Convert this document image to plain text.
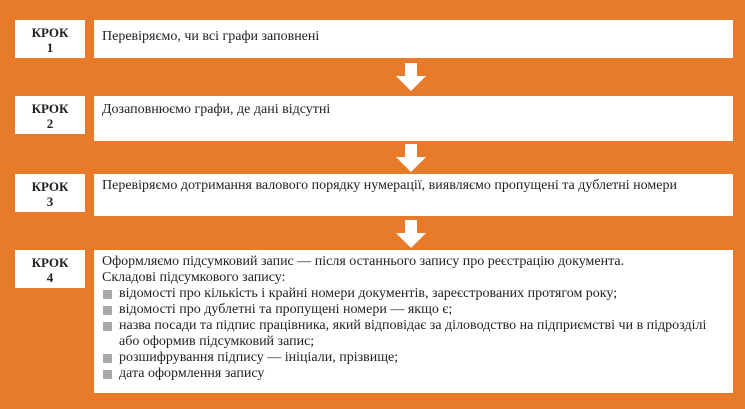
КРОК
1
Перевіряємо, чи всі графи заповнені
КРОК
2
Дозаповнюємо графи, де дані відсутні
КРОК
3
Перевіряємо дотримання валового порядку нумерації, виявляємо пропущені та дублетні номери
КРОК
4
Оформляємо підсумковий запис — після останнього запису про реєстрацію документа.
Складові підсумкового запису:
відомості про кількість і крайні номери документів, зареєстрованих протягом року;
відомості про дублетні та пропущені номери — якщо є;
назва посади та підпис працівника, який відповідає за діловодство на підприємстві чи в підрозділі або оформив підсумковий запис;
розшифрування підпису — ініціали, прізвище;
дата оформлення запису
